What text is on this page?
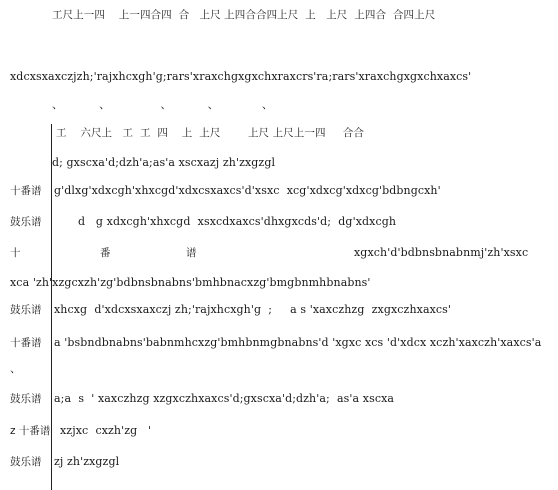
工尺上一四    上一四合四  合   上尺 上四合合四上尺  上   上尺  上四合  合四上尺
xdcxsxaxczjzh;'rajxhcxgh'g;rars'xraxchgxgxchxraxcrs'ra;rars'xraxchgxgxchxaxcs'
、          、              、          、            、
工    六尺上   工  工  四    上  上尺        上尺 上尺上一四     合合
d; gxscxa'd;dzh'a;as'a xscxazj zh'zxgzgl
十番谱 g'dlxg'xdxcgh'xhxcgd'xdxcsxaxcs'd'xsxc  xcg'xdxcg'xdxcg'bdbngcxh'
鼓乐谱	d   g xdxcgh'xhxcgd  xsxcdxaxcs'dhxgxcds'd;  dg'xdxcgh
十	番	谱	xgxch'd'bdbnsbnabnmj'zh'xsxc
xca 'zh'xzgcxzh'zg'bdbnsbnabns'bmhbnacxzg'bmgbnmhbnabns'
鼓乐谱 xhcxg  d'xdcxsxaxczj zh;'rajxhcxgh'g  ;     a s 'xaxczhzg  zxgxczhxaxcs'
十番谱 a 'bsbndbnabns'babnmhcxzg'bmhbnmgbnabns'd 'xgxc xcs 'd'xdcx xczh'xaxczh'xaxcs'a
、
鼓乐谱 a;a  s  ' xaxczhzg xzgxczhxaxcs'd;gxscxa'd;dzh'a;  as'a xscxa
z 十番谱 xzjxc  cxzh'zg   '
鼓乐谱 zj zh'zxgzgl
